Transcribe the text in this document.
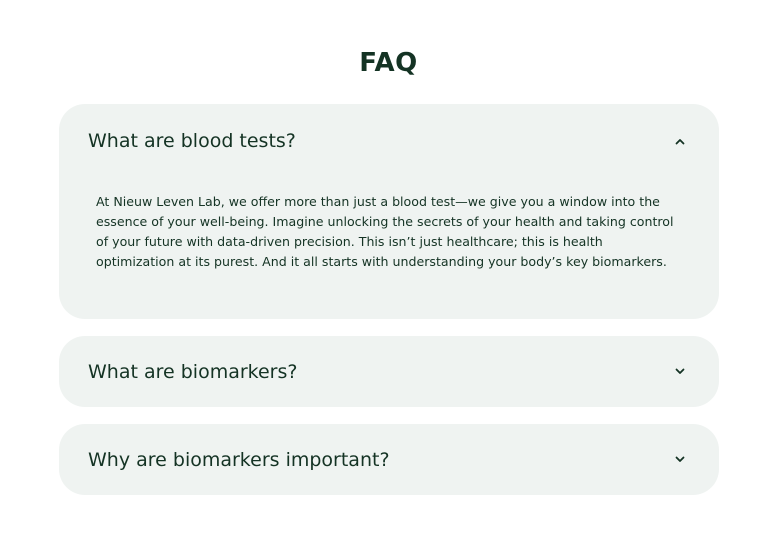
FAQ
What are blood tests?
At Nieuw Leven Lab, we offer more than just a blood test—we give you a window into the essence of your well-being. Imagine unlocking the secrets of your health and taking control of your future with data-driven precision. This isn’t just healthcare; this is health optimization at its purest. And it all starts with understanding your body’s key biomarkers.
What are biomarkers?
Why are biomarkers important?
